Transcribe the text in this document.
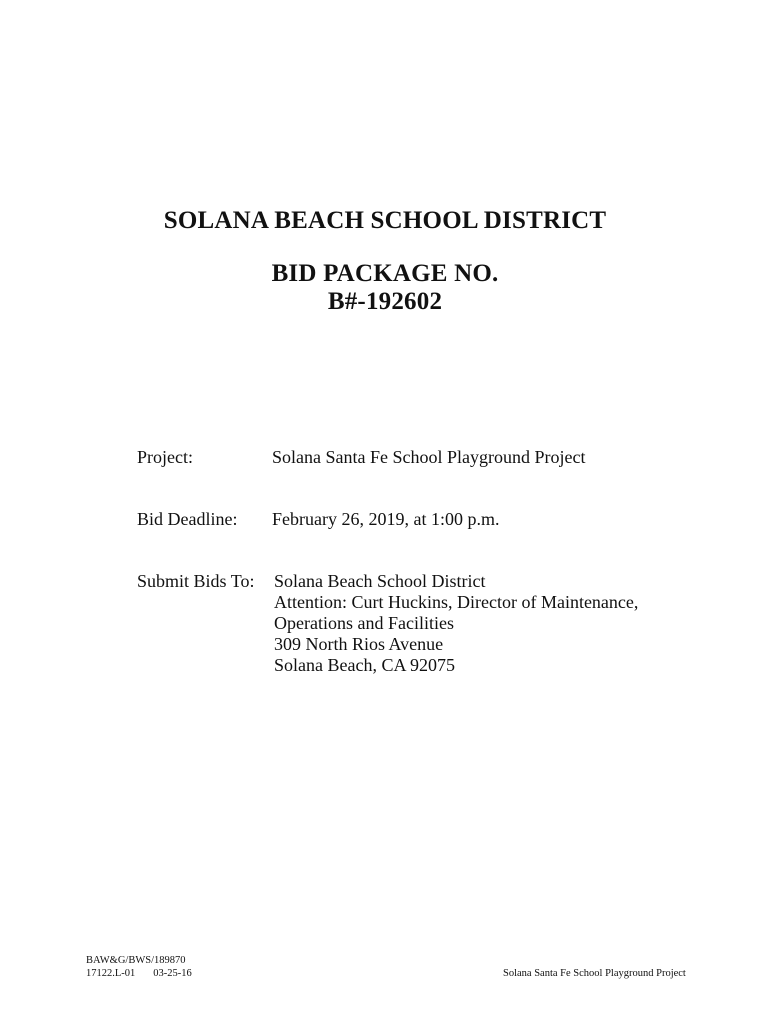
SOLANA BEACH SCHOOL DISTRICT
BID PACKAGE NO.
B#-192602
Project:	Solana Santa Fe School Playground Project
Bid Deadline: February 26, 2019, at 1:00 p.m.
Submit Bids To: Solana Beach School District
Attention: Curt Huckins, Director of Maintenance,
Operations and Facilities
309 North Rios Avenue
Solana Beach, CA 92075
BAW&G/BWS/189870
17122.L-01 03-25-16	Solana Santa Fe School Playground Project
